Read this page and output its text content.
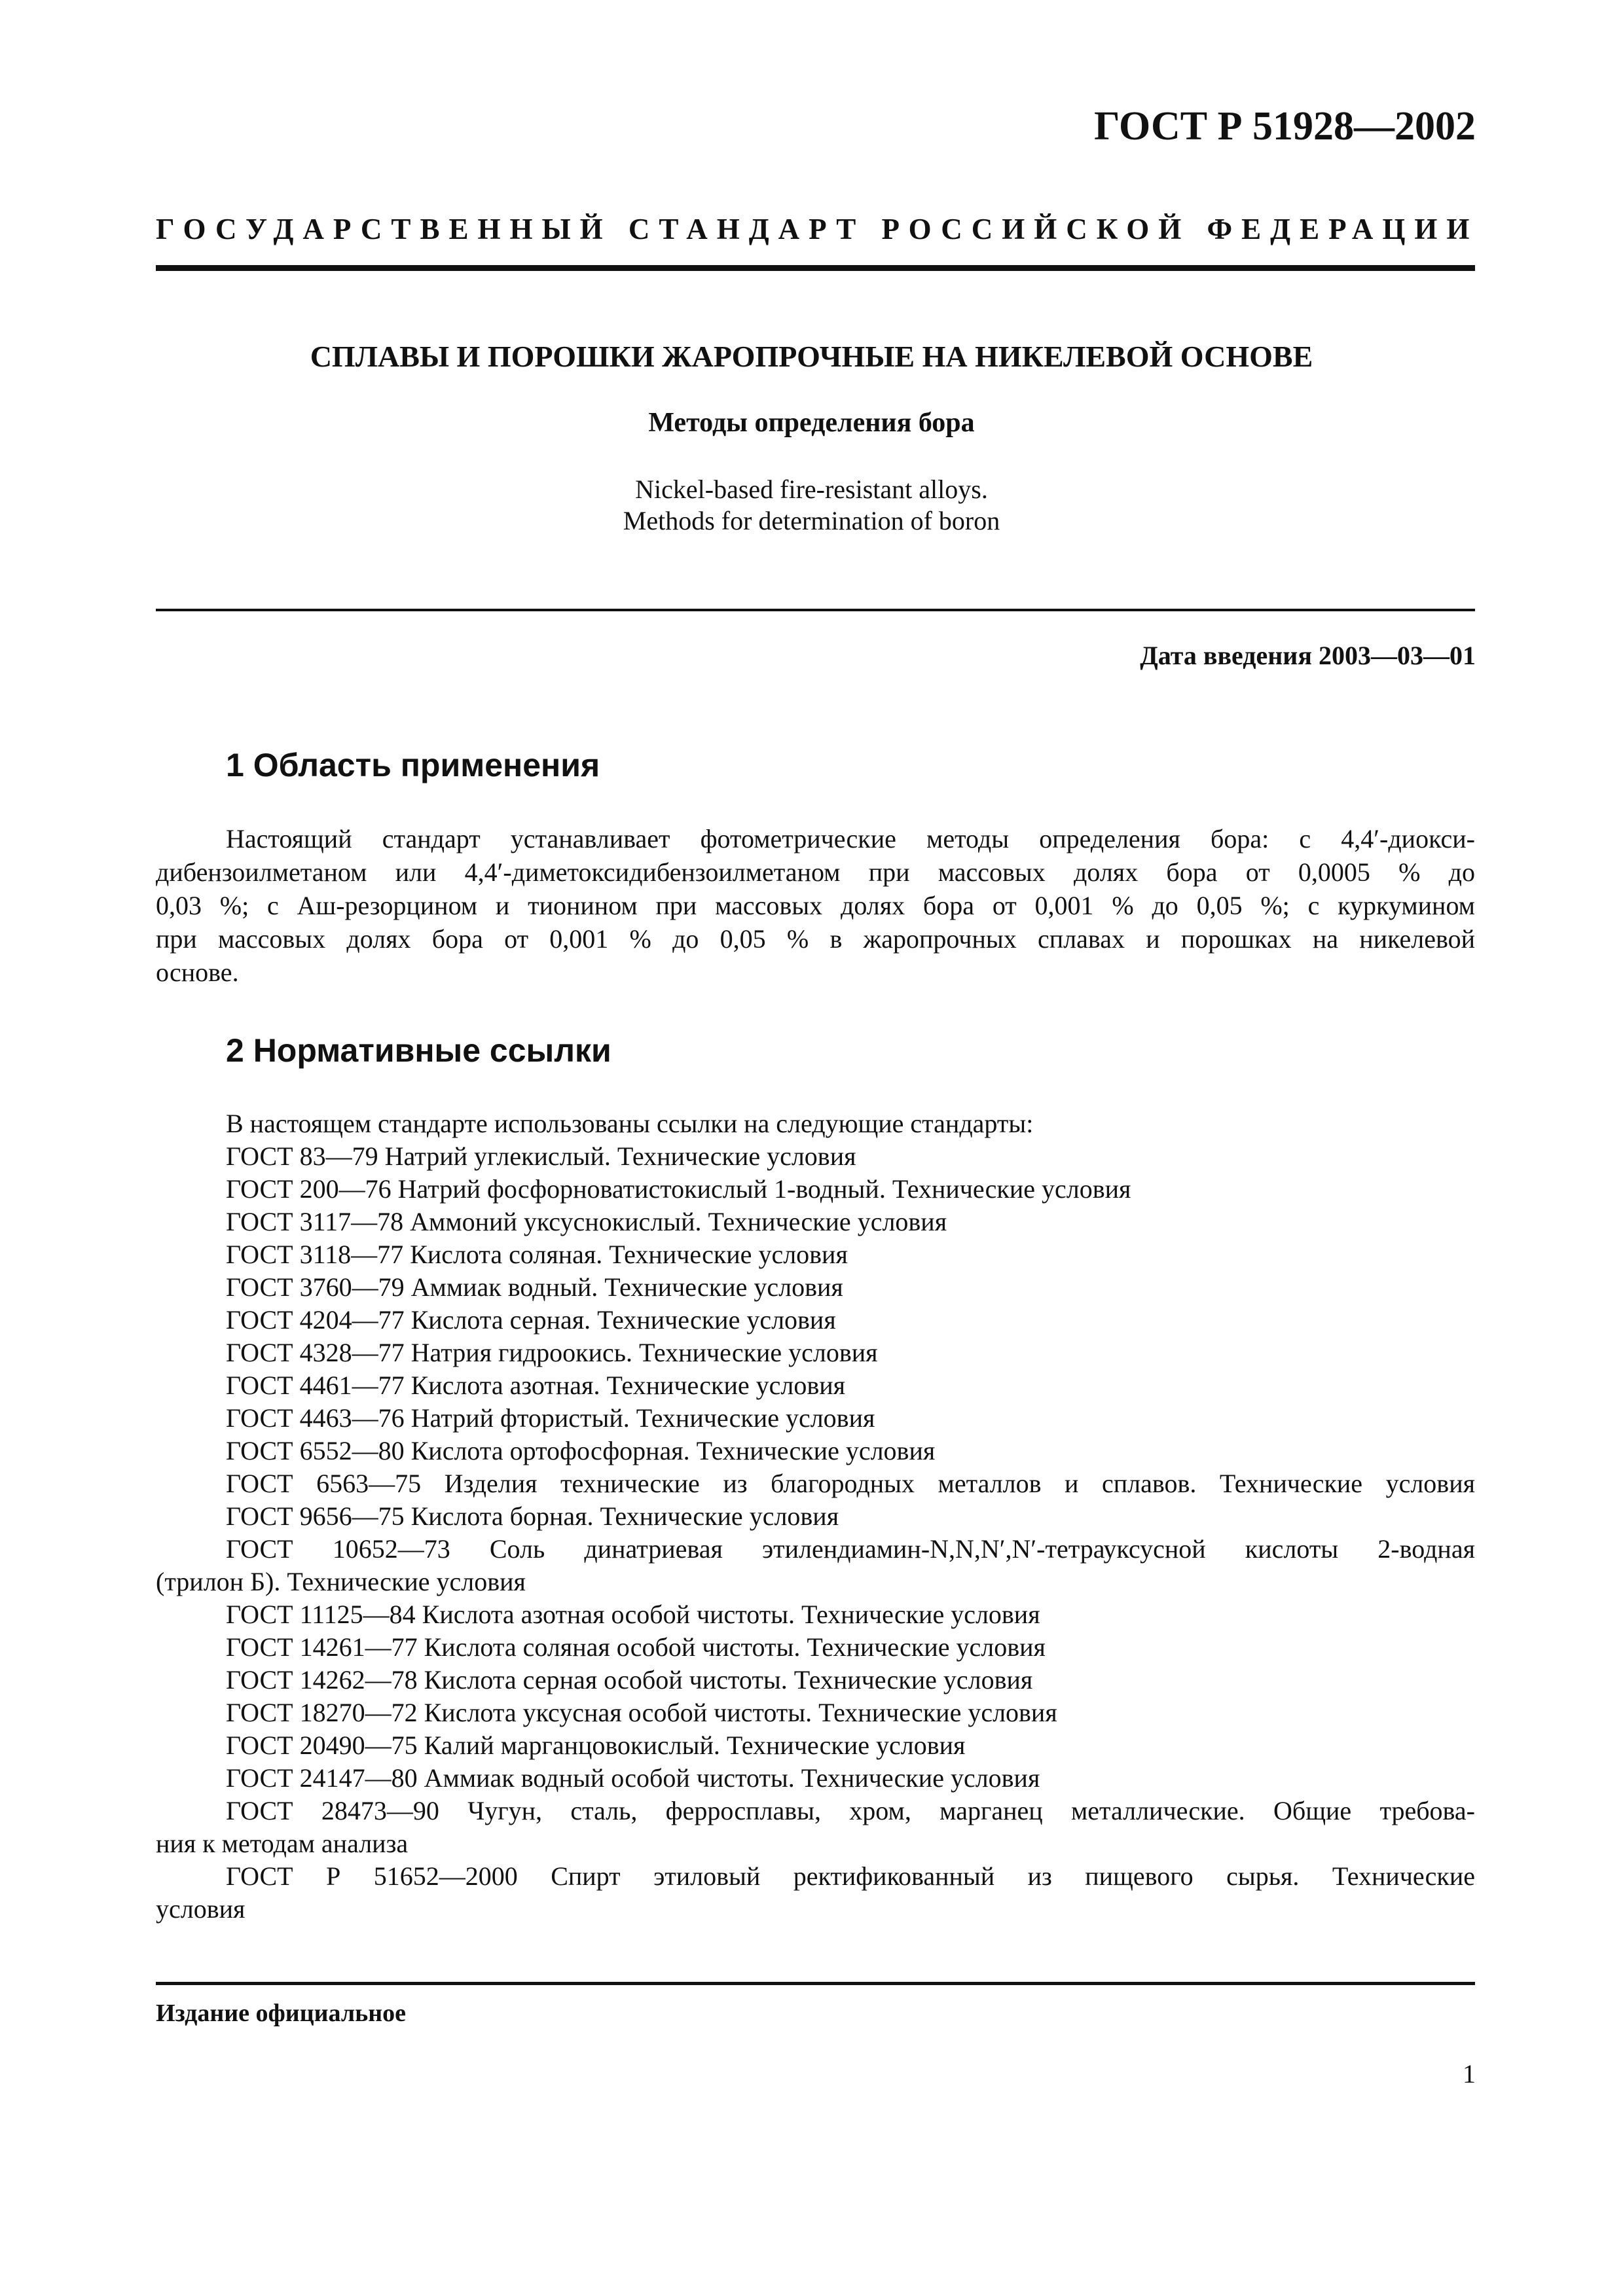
ГОСТ Р 51928—2002
ГОСУДАРСТВЕННЫЙ СТАНДАРТ РОССИЙСКОЙ ФЕДЕРАЦИИ
СПЛАВЫ И ПОРОШКИ ЖАРОПРОЧНЫЕ НА НИКЕЛЕВОЙ ОСНОВЕ
Методы определения бора
Nickel-based fire-resistant alloys.
Methods for determination of boron
Дата введения 2003—03—01
1 Область применения
Настоящий стандарт устанавливает фотометрические методы определения бора: с 4,4′-диокси-
дибензоилметаном или 4,4′-диметоксидибензоилметаном при массовых долях бора от 0,0005 % до
0,03 %; с Аш-резорцином и тионином при массовых долях бора от 0,001 % до 0,05 %; с куркумином
при массовых долях бора от 0,001 % до 0,05 % в жаропрочных сплавах и порошках на никелевой
основе.
2 Нормативные ссылки
В настоящем стандарте использованы ссылки на следующие стандарты:
ГОСТ 83—79 Натрий углекислый. Технические условия
ГОСТ 200—76 Натрий фосфорноватистокислый 1-водный. Технические условия
ГОСТ 3117—78 Аммоний уксуснокислый. Технические условия
ГОСТ 3118—77 Кислота соляная. Технические условия
ГОСТ 3760—79 Аммиак водный. Технические условия
ГОСТ 4204—77 Кислота серная. Технические условия
ГОСТ 4328—77 Натрия гидроокись. Технические условия
ГОСТ 4461—77 Кислота азотная. Технические условия
ГОСТ 4463—76 Натрий фтористый. Технические условия
ГОСТ 6552—80 Кислота ортофосфорная. Технические условия
ГОСТ 6563—75 Изделия технические из благородных металлов и сплавов. Технические условия
ГОСТ 9656—75 Кислота борная. Технические условия
ГОСТ 10652—73 Соль динатриевая этилендиамин-N,N,N′,N′-тетрауксусной кислоты 2-водная
(трилон Б). Технические условия
ГОСТ 11125—84 Кислота азотная особой чистоты. Технические условия
ГОСТ 14261—77 Кислота соляная особой чистоты. Технические условия
ГОСТ 14262—78 Кислота серная особой чистоты. Технические условия
ГОСТ 18270—72 Кислота уксусная особой чистоты. Технические условия
ГОСТ 20490—75 Калий марганцовокислый. Технические условия
ГОСТ 24147—80 Аммиак водный особой чистоты. Технические условия
ГОСТ 28473—90 Чугун, сталь, ферросплавы, хром, марганец металлические. Общие требова-
ния к методам анализа
ГОСТ Р 51652—2000 Спирт этиловый ректификованный из пищевого сырья. Технические
условия
Издание официальное
1
